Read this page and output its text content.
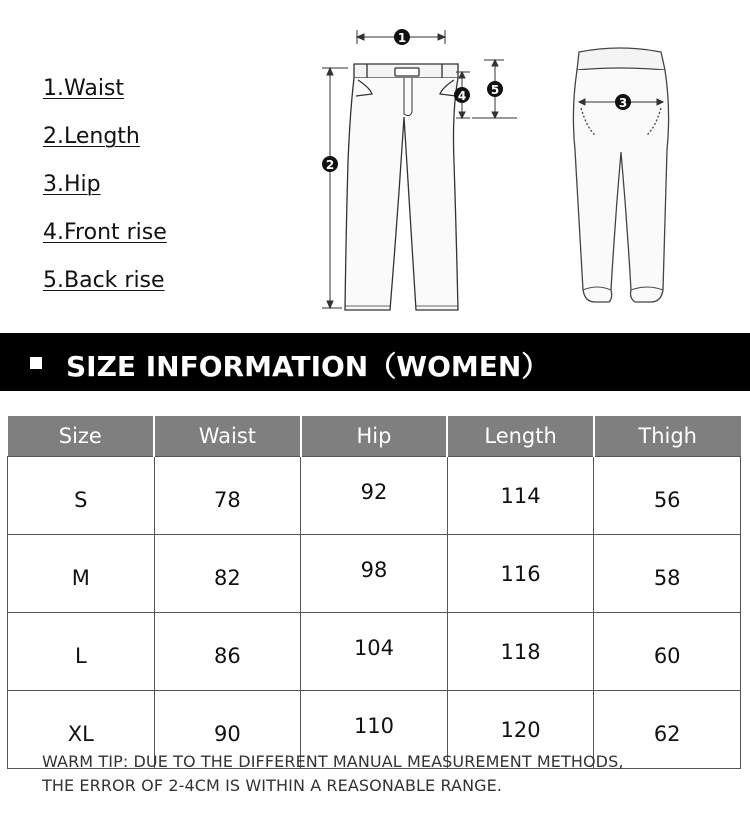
1.Waist
2.Length
3.Hip
4.Front rise
5.Back rise
1
2
4 5
3
SIZE INFORMATION（WOMEN）
Size	Waist	Hip	Length	Thigh
S	78	92	114	56
M	82	98	116	58
L	86	104	118	60
XL	90	110	120	62

WARM TIP: DUE TO THE DIFFERENT MANUAL MEASUREMENT METHODS,
THE ERROR OF 2-4CM IS WITHIN A REASONABLE RANGE.
